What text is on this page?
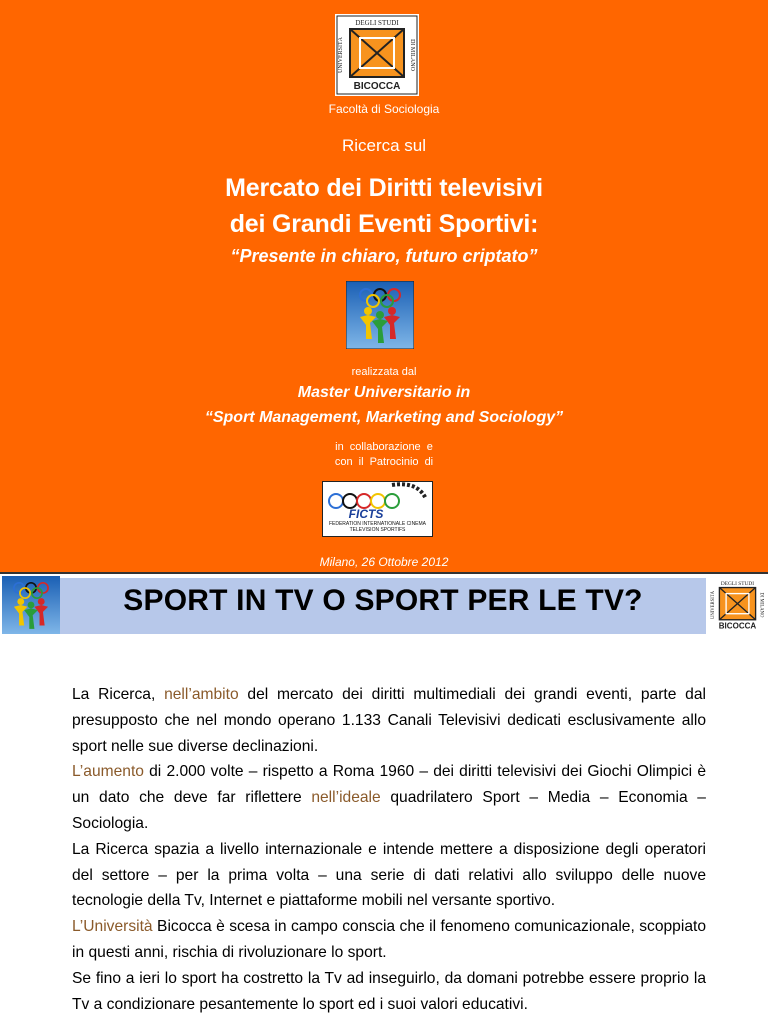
DEGLI STUDI
UNIVERSITÀ	DI MILANO
BICOCCA
Facoltà di Sociologia
Ricerca sul
Mercato dei Diritti televisivi
dei Grandi Eventi Sportivi:
“Presente in chiaro, futuro criptato”
realizzata dal
Master Universitario in
“Sport Management, Marketing and Sociology”
in collaborazione e
con il Patrocinio di
FICTS
FEDERATION INTERNATIONALE CINEMA TELEVISION SPORTIFS
Milano, 26 Ottobre 2012
SPORT IN TV O SPORT PER LE TV?
DEGLI STUDI
UNIVERSITÀ	DI MILANO
BICOCCA

La Ricerca, nell’ambito del mercato dei diritti multimediali dei grandi eventi, parte dal presupposto che nel mondo operano 1.133 Canali Televisivi dedicati esclusivamente allo sport nelle sue diverse declinazioni.

L’aumento di 2.000 volte – rispetto a Roma 1960 – dei diritti televisivi dei Giochi Olimpici è un dato che deve far riflettere nell’ideale quadrilatero Sport – Media – Economia – Sociologia.

La Ricerca spazia a livello internazionale e intende mettere a disposizione degli operatori del settore – per la prima volta – una serie di dati relativi allo sviluppo delle nuove tecnologie della Tv, Internet e piattaforme mobili nel versante sportivo.

L’Università Bicocca è scesa in campo conscia che il fenomeno comunicazionale, scoppiato in questi anni, rischia di rivoluzionare lo sport.

Se fino a ieri lo sport ha costretto la Tv ad inseguirlo, da domani potrebbe essere proprio la Tv a condizionare pesantemente lo sport ed i suoi valori educativi.
